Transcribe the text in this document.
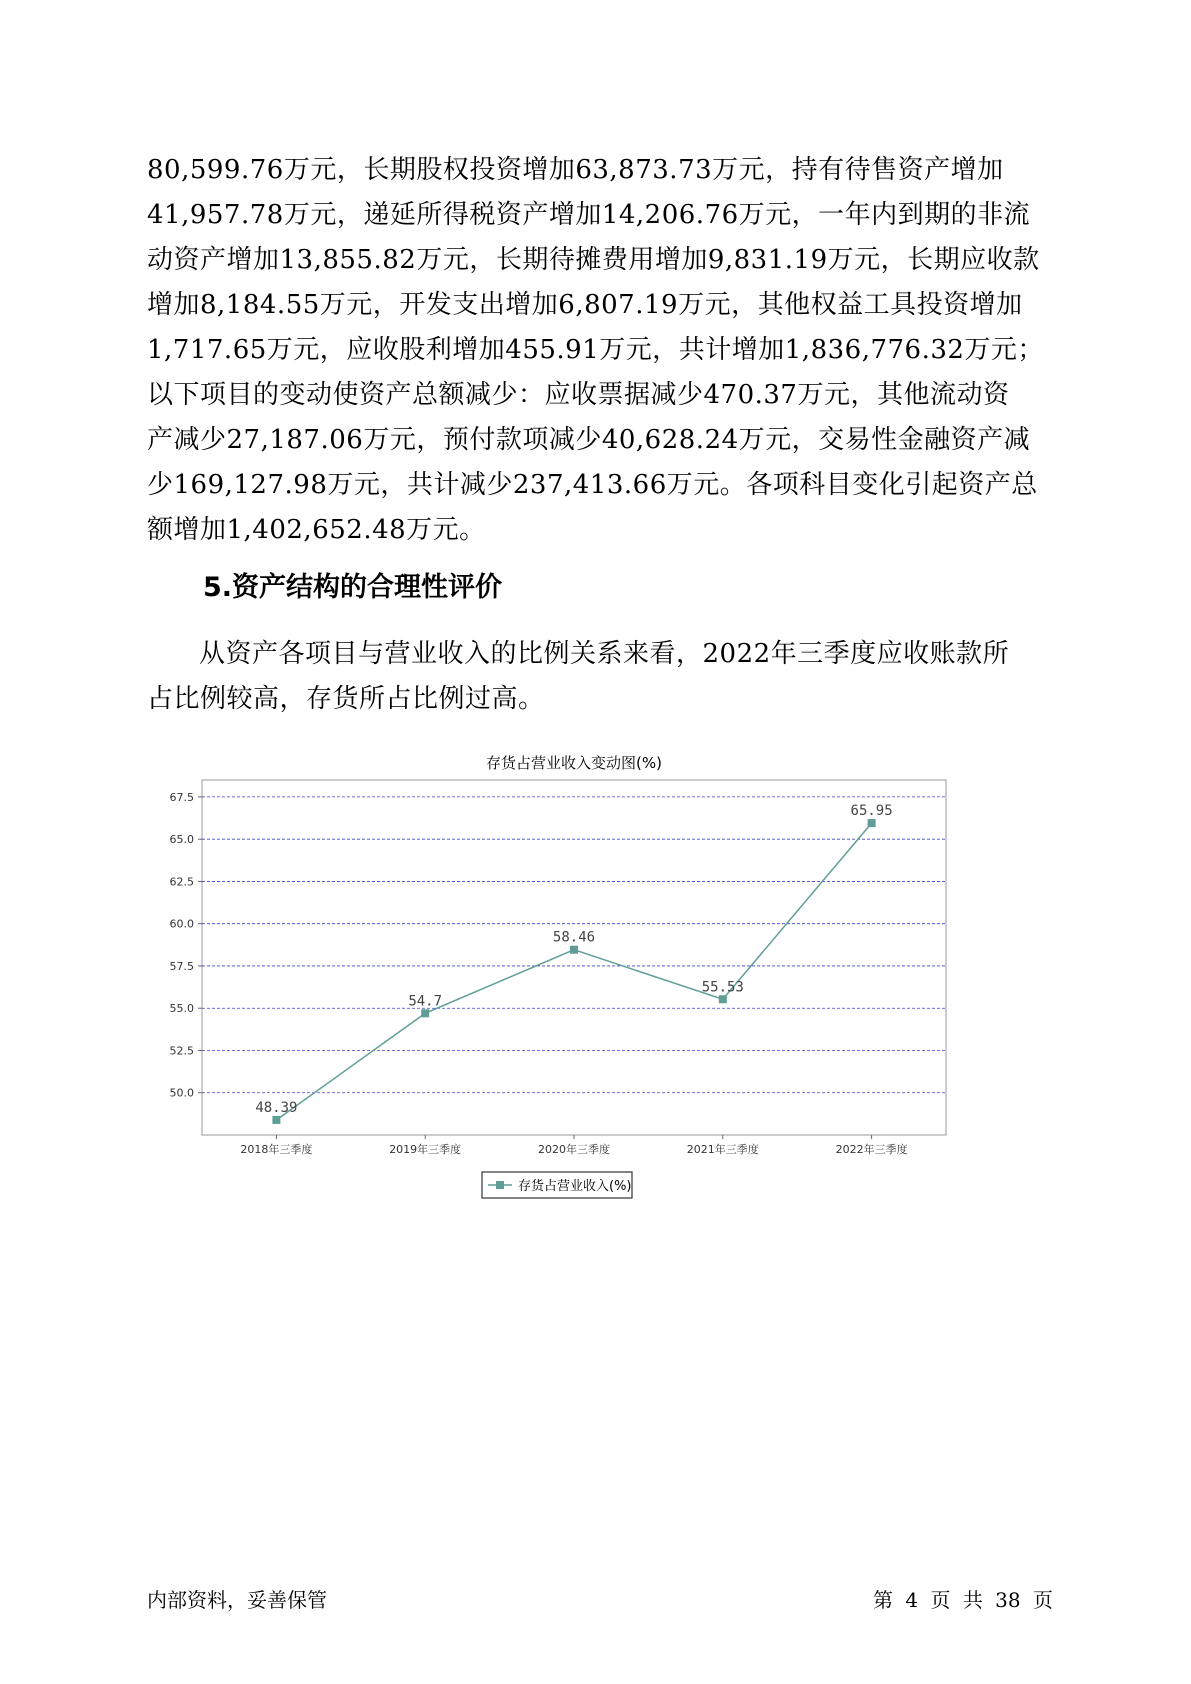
80,599.76万元，长期股权投资增加63,873.73万元，持有待售资产增加
41,957.78万元，递延所得税资产增加14,206.76万元，一年内到期的非流
动资产增加13,855.82万元，长期待摊费用增加9,831.19万元，长期应收款
增加8,184.55万元，开发支出增加6,807.19万元，其他权益工具投资增加
1,717.65万元，应收股利增加455.91万元，共计增加1,836,776.32万元；
以下项目的变动使资产总额减少：应收票据减少470.37万元，其他流动资
产减少27,187.06万元，预付款项减少40,628.24万元，交易性金融资产减
少169,127.98万元，共计减少237,413.66万元。各项科目变化引起资产总
额增加1,402,652.48万元。
5.资产结构的合理性评价
从资产各项目与营业收入的比例关系来看，2022年三季度应收账款所
占比例较高，存货所占比例过高。
存货占营业收入变动图(%)
50.0
52.5
55.0
57.5
60.0
62.5
65.0
67.5
2018年三季度	2019年三季度	2020年三季度	2021年三季度	2022年三季度
48.39
54.7
58.46
55.53
65.95
存货占营业收入(%)
内部资料，妥善保管	第 4 页 共 38 页
